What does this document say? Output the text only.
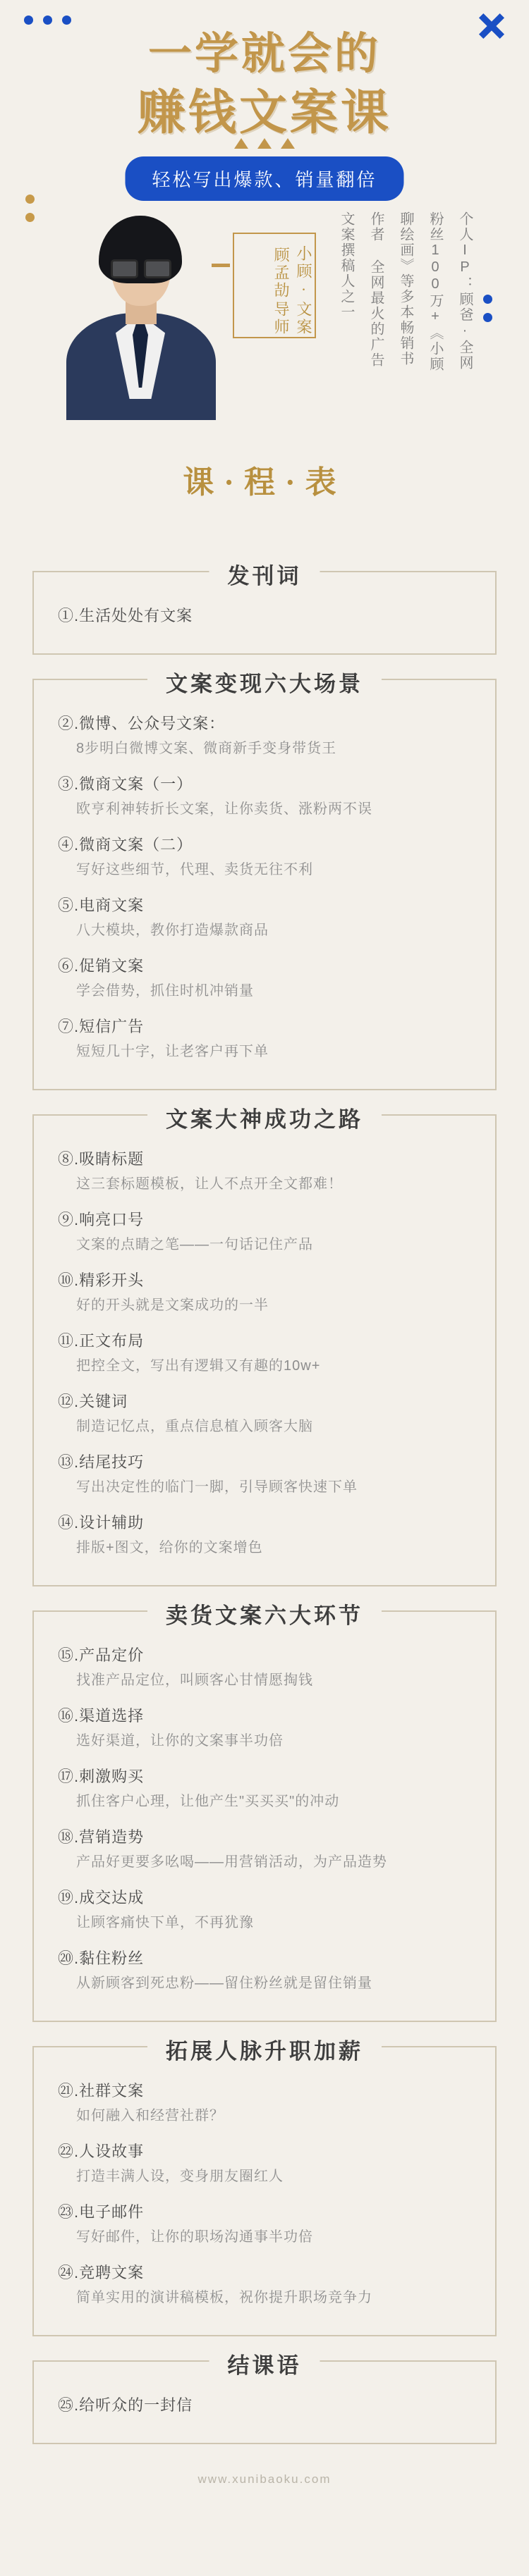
一学就会的
赚钱文案课
轻松写出爆款、销量翻倍
小顾·顾孟劼
文案导师	个人IP：顾爸·全网粉丝100万+《小顾聊绘画》等多本畅销书作者 全网最火的广告文案撰稿人之一
课·程·表
发刊词
①.生活处处有文案
文案变现六大场景
②.微博、公众号文案：
8步明白微博文案、微商新手变身带货王
③.微商文案（一）
欧亨利神转折长文案，让你卖货、涨粉两不误
④.微商文案（二）
写好这些细节，代理、卖货无往不利
⑤.电商文案
八大模块，教你打造爆款商品
⑥.促销文案
学会借势，抓住时机冲销量
⑦.短信广告
短短几十字，让老客户再下单
文案大神成功之路
⑧.吸睛标题
这三套标题模板，让人不点开全文都难！
⑨.响亮口号
文案的点睛之笔——一句话记住产品
⑩.精彩开头
好的开头就是文案成功的一半
⑪.正文布局
把控全文，写出有逻辑又有趣的10w+
⑫.关键词
制造记忆点，重点信息植入顾客大脑
⑬.结尾技巧
写出决定性的临门一脚，引导顾客快速下单
⑭.设计辅助
排版+图文，给你的文案增色
卖货文案六大环节
⑮.产品定价
找准产品定位，叫顾客心甘情愿掏钱
⑯.渠道选择
选好渠道，让你的文案事半功倍
⑰.刺激购买
抓住客户心理，让他产生"买买买"的冲动
⑱.营销造势
产品好更要多吆喝——用营销活动，为产品造势
⑲.成交达成
让顾客痛快下单，不再犹豫
⑳.黏住粉丝
从新顾客到死忠粉——留住粉丝就是留住销量
拓展人脉升职加薪
㉑.社群文案
如何融入和经营社群？
㉒.人设故事
打造丰满人设，变身朋友圈红人
㉓.电子邮件
写好邮件，让你的职场沟通事半功倍
㉔.竞聘文案
简单实用的演讲稿模板，祝你提升职场竞争力
结课语
㉕.给听众的一封信
www.xunibaoku.com
